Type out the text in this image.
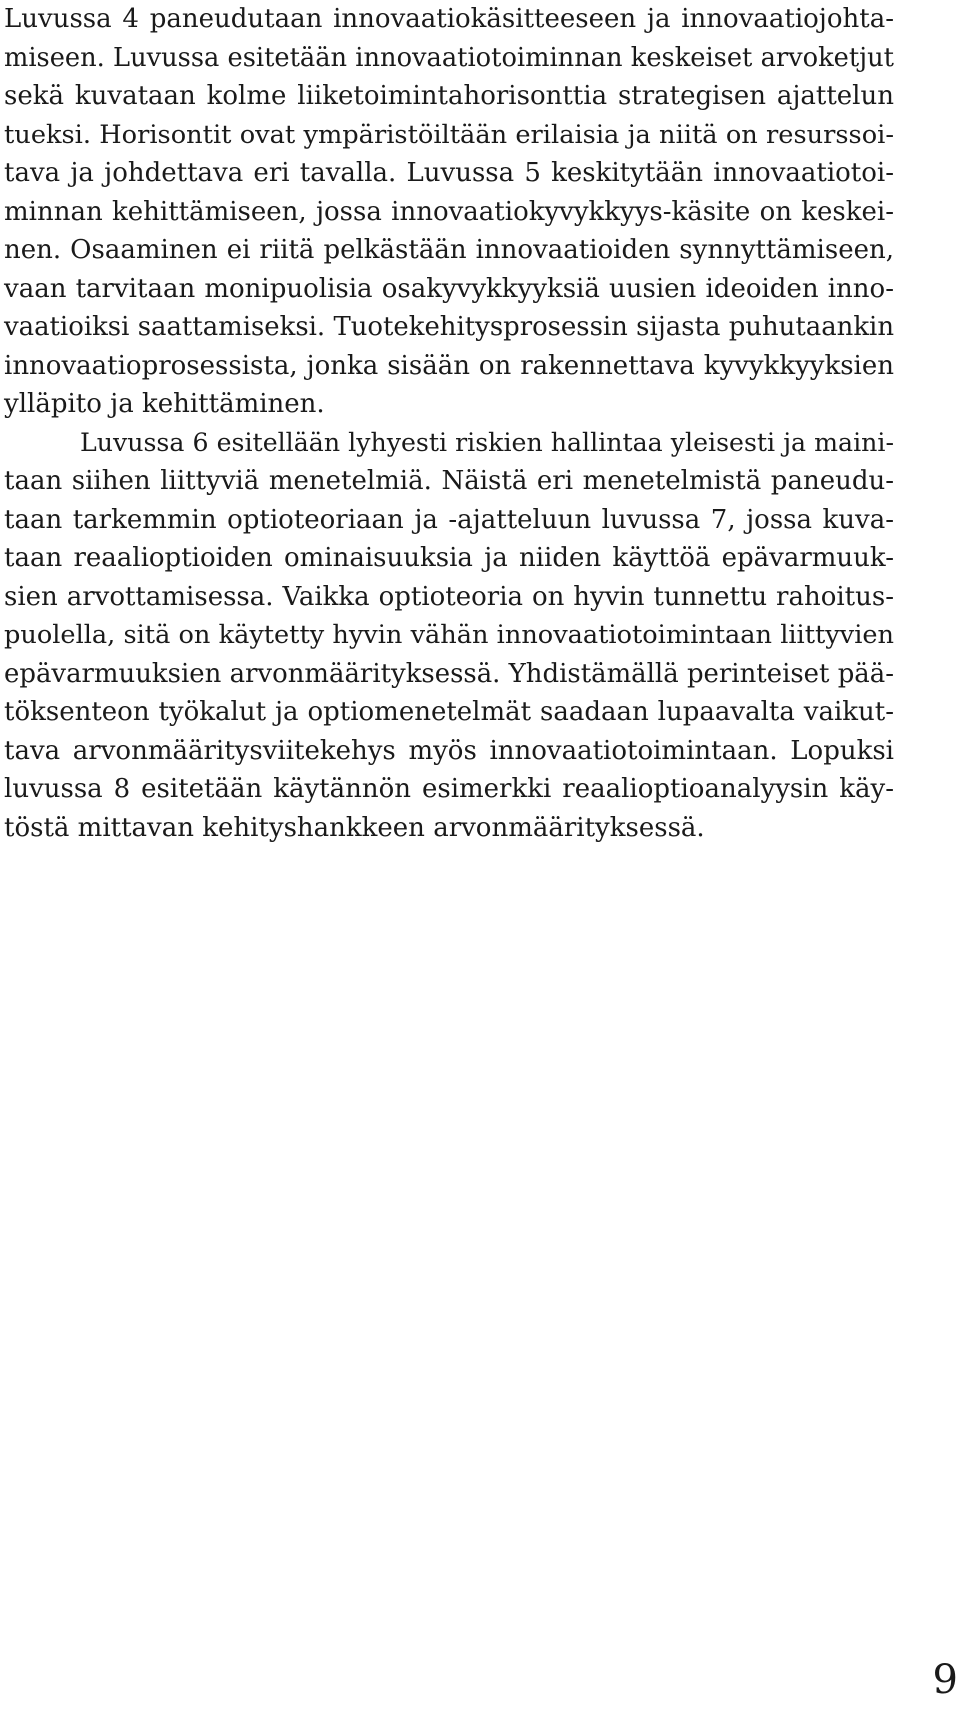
Luvussa 4 paneudutaan innovaatiokäsitteeseen ja innovaatiojohta-
miseen. Luvussa esitetään innovaatiotoiminnan keskeiset arvoketjut
sekä kuvataan kolme liiketoimintahorisonttia strategisen ajattelun
tueksi. Horisontit ovat ympäristöiltään erilaisia ja niitä on resurssoi-
tava ja johdettava eri tavalla. Luvussa 5 keskitytään innovaatiotoi-
minnan kehittämiseen, jossa innovaatiokyvykkyys-käsite on keskei-
nen. Osaaminen ei riitä pelkästään innovaatioiden synnyttämiseen,
vaan tarvitaan monipuolisia osakyvykkyyksiä uusien ideoiden inno-
vaatioiksi saattamiseksi. Tuotekehitysprosessin sijasta puhutaankin
innovaatioprosessista, jonka sisään on rakennettava kyvykkyyksien
ylläpito ja kehittäminen.
Luvussa 6 esitellään lyhyesti riskien hallintaa yleisesti ja maini-
taan siihen liittyviä menetelmiä. Näistä eri menetelmistä paneudu-
taan tarkemmin optioteoriaan ja -ajatteluun luvussa 7, jossa kuva-
taan reaalioptioiden ominaisuuksia ja niiden käyttöä epävarmuuk-
sien arvottamisessa. Vaikka optioteoria on hyvin tunnettu rahoitus-
puolella, sitä on käytetty hyvin vähän innovaatiotoimintaan liittyvien
epävarmuuksien arvonmäärityksessä. Yhdistämällä perinteiset pää-
töksenteon työkalut ja optiomenetelmät saadaan lupaavalta vaikut-
tava arvonmääritysviitekehys myös innovaatiotoimintaan. Lopuksi
luvussa 8 esitetään käytännön esimerkki reaalioptioanalyysin käy-
töstä mittavan kehityshankkeen arvonmäärityksessä.
9
